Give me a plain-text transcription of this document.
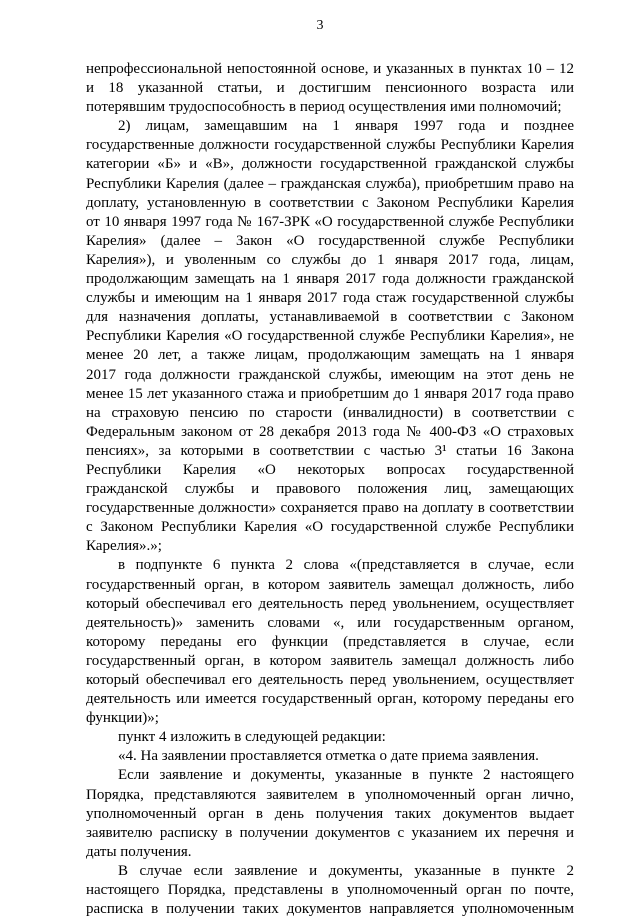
3

непрофессиональной непостоянной основе, и указанных в пунктах 10 – 12
и 18 указанной статьи, и достигшим пенсионного возраста или
потерявшим трудоспособность в период осуществления ими полномочий;

2) лицам, замещавшим на 1 января 1997 года и позднее
государственные должности государственной службы Республики Карелия
категории «Б» и «В», должности государственной гражданской службы
Республики Карелия (далее – гражданская служба), приобретшим право на
доплату, установленную в соответствии с Законом Республики Карелия
от 10 января 1997 года № 167-ЗРК «О государственной службе Республики
Карелия» (далее – Закон «О государственной службе Республики
Карелия»), и уволенным со службы до 1 января 2017 года, лицам,
продолжающим замещать на 1 января 2017 года должности гражданской
службы и имеющим на 1 января 2017 года стаж государственной службы
для назначения доплаты, устанавливаемой в соответствии с Законом
Республики Карелия «О государственной службе Республики Карелия», не
менее 20 лет, а также лицам, продолжающим замещать на 1 января
2017 года должности гражданской службы, имеющим на этот день не
менее 15 лет указанного стажа и приобретшим до 1 января 2017 года право
на страховую пенсию по старости (инвалидности) в соответствии с
Федеральным законом от 28 декабря 2013 года № 400-ФЗ «О страховых
пенсиях», за которыми в соответствии с частью 3¹ статьи 16 Закона
Республики Карелия «О некоторых вопросах государственной
гражданской службы и правового положения лиц, замещающих
государственные должности» сохраняется право на доплату в соответствии
с Законом Республики Карелия «О государственной службе Республики
Карелия».»;

в подпункте 6 пункта 2 слова «(представляется в случае, если
государственный орган, в котором заявитель замещал должность, либо
который обеспечивал его деятельность перед увольнением, осуществляет
деятельность)» заменить словами «, или государственным органом,
которому переданы его функции (представляется в случае, если
государственный орган, в котором заявитель замещал должность либо
который обеспечивал его деятельность перед увольнением, осуществляет
деятельность или имеется государственный орган, которому переданы его
функции)»;

пункт 4 изложить в следующей редакции:

«4. На заявлении проставляется отметка о дате приема заявления.

Если заявление и документы, указанные в пункте 2 настоящего
Порядка, представляются заявителем в уполномоченный орган лично,
уполномоченный орган в день получения таких документов выдает
заявителю расписку в получении документов с указанием их перечня и
даты получения.

В случае если заявление и документы, указанные в пункте 2
настоящего Порядка, представлены в уполномоченный орган по почте,
расписка в получении таких документов направляется уполномоченным
